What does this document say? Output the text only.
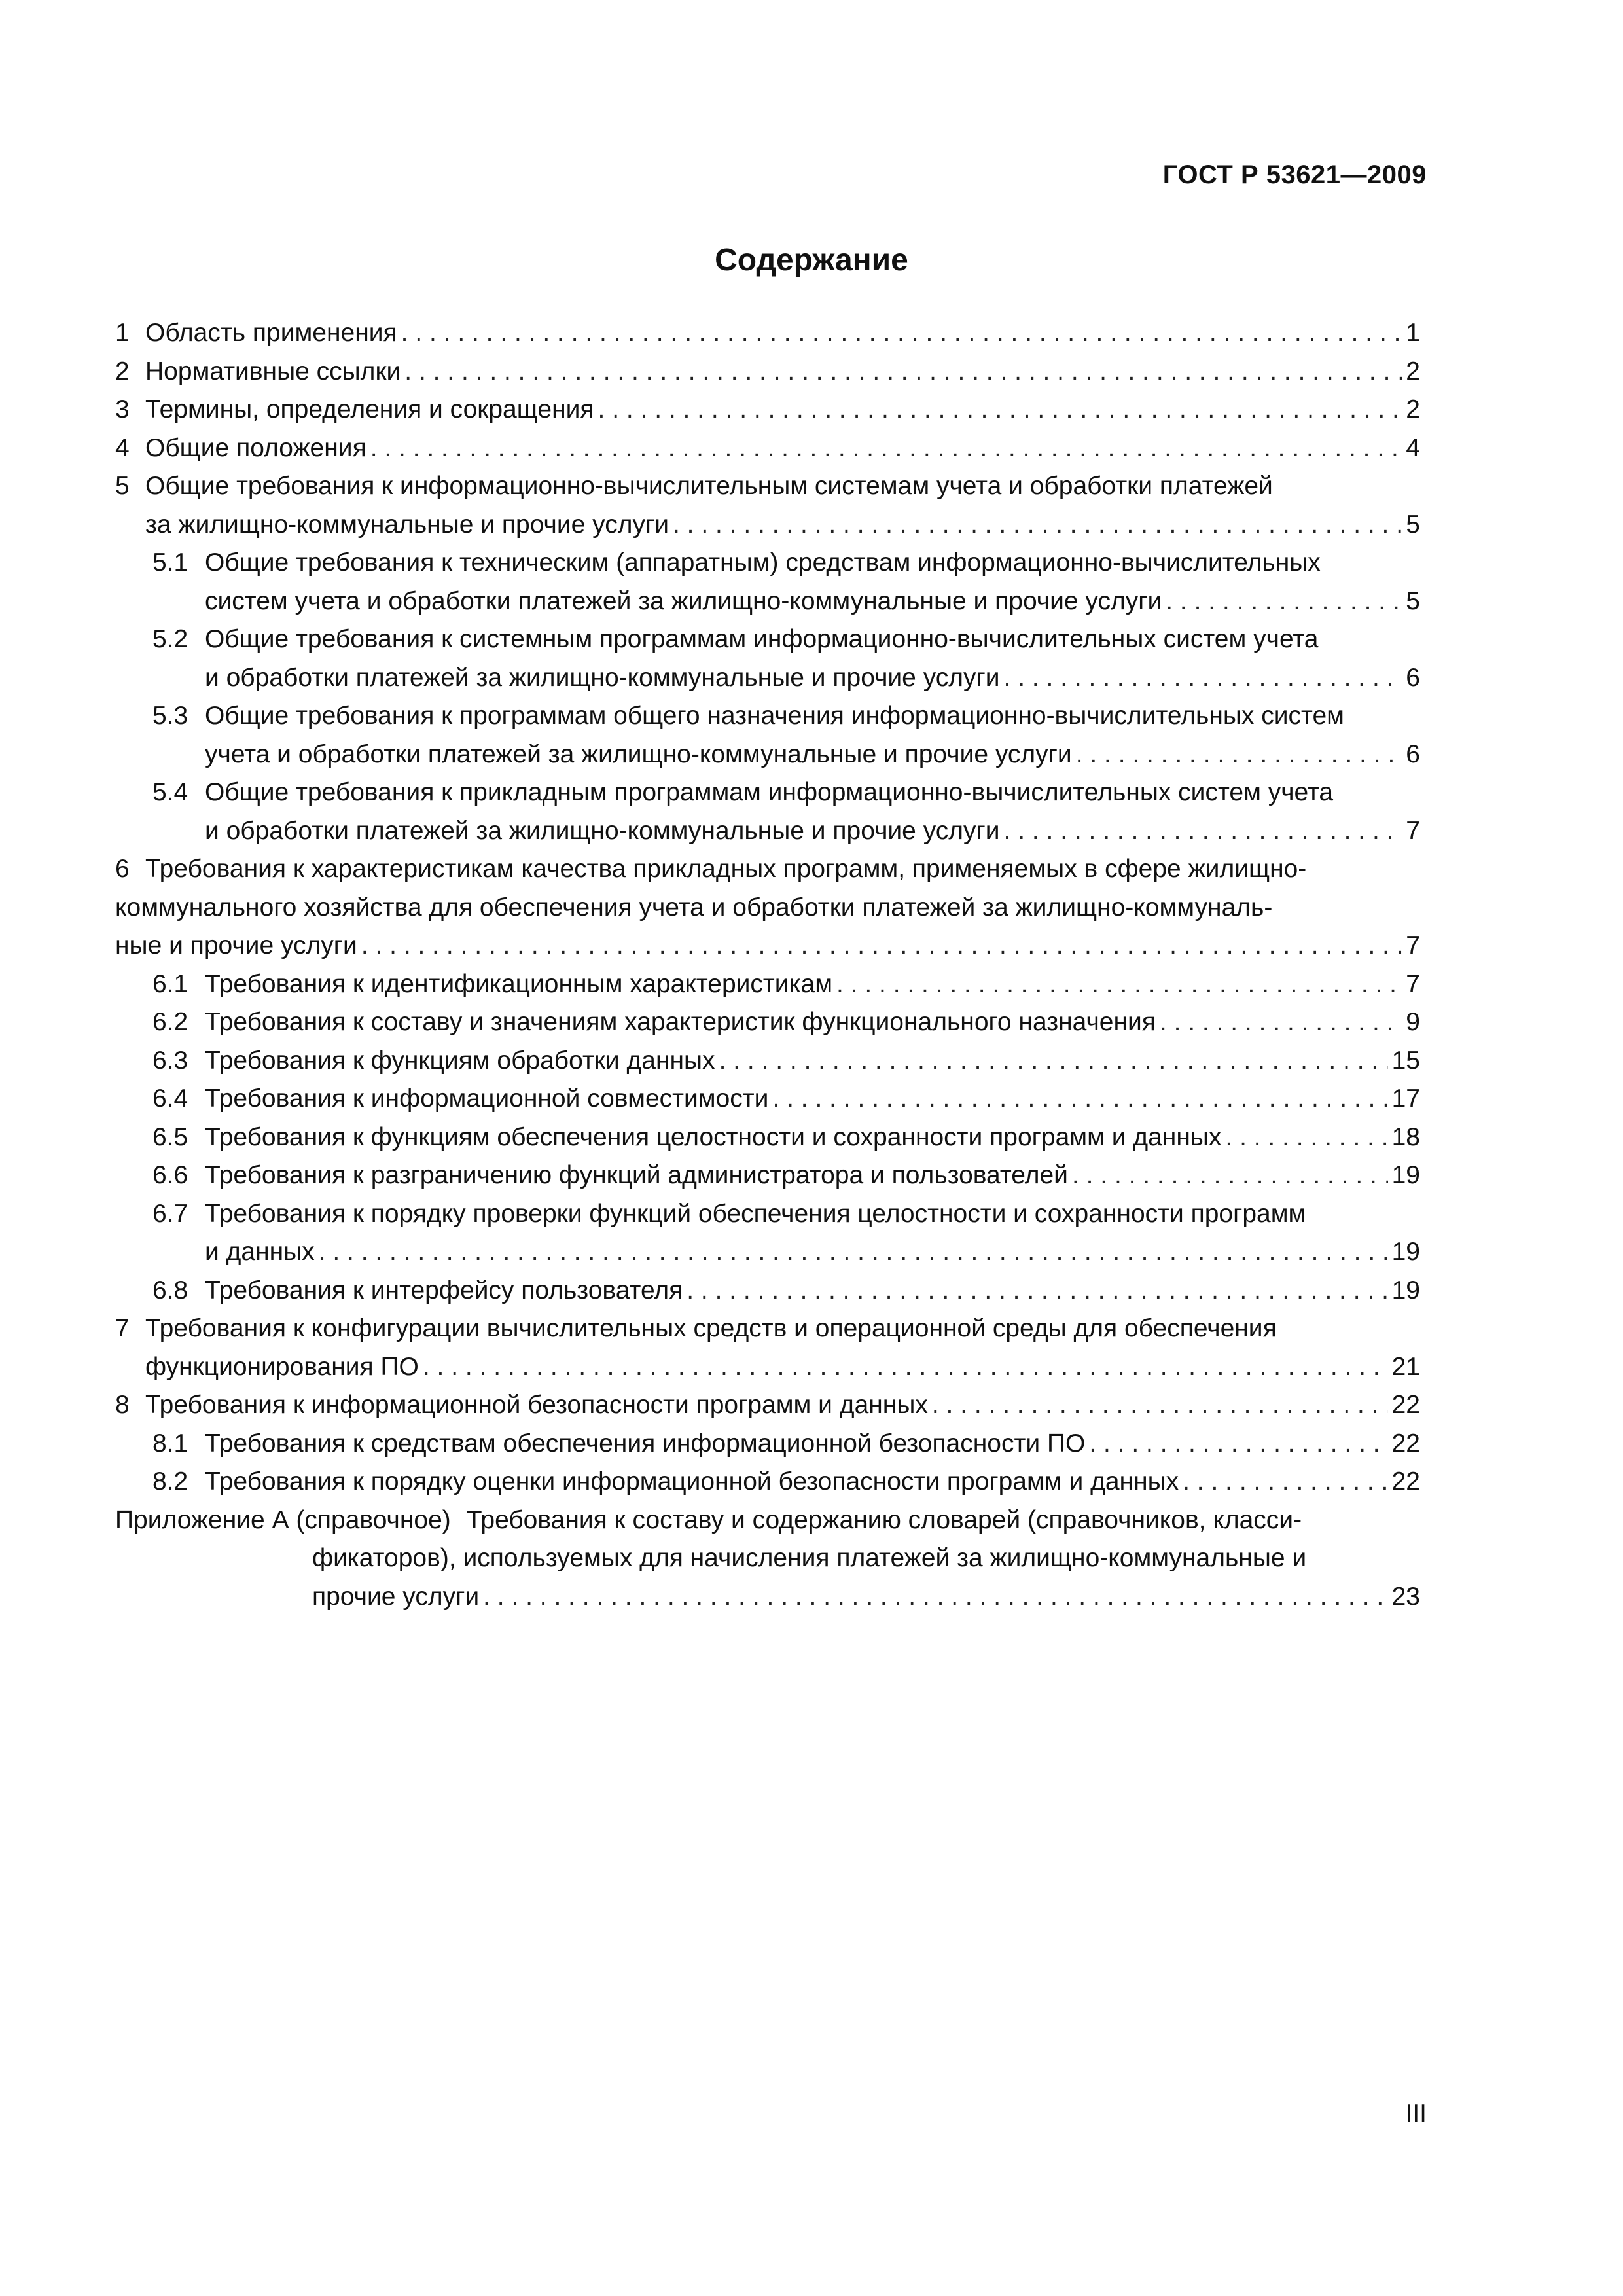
ГОСТ Р 53621—2009
Содержание
1 Область применения . . .	1
2 Нормативные ссылки . . .	2
3 Термины, определения и сокращения . . .	2
4 Общие положения . . .	4
5 Общие требования к информационно-вычислительным системам учета и обработки платежей
за жилищно-коммунальные и прочие услуги . . .	5
5.1 Общие требования к техническим (аппаратным) средствам информационно-вычислительных
систем учета и обработки платежей за жилищно-коммунальные и прочие услуги . . .	5
5.2 Общие требования к системным программам информационно-вычислительных систем учета
и обработки платежей за жилищно-коммунальные и прочие услуги . . .	6
5.3 Общие требования к программам общего назначения информационно-вычислительных систем
учета и обработки платежей за жилищно-коммунальные и прочие услуги . . .	6
5.4 Общие требования к прикладным программам информационно-вычислительных систем учета
и обработки платежей за жилищно-коммунальные и прочие услуги . . .	7
6 Требования к характеристикам качества прикладных программ, применяемых в сфере жилищно-
коммунального хозяйства для обеспечения учета и обработки платежей за жилищно-коммуналь-
ные и прочие услуги . . .	7
6.1 Требования к идентификационным характеристикам . . .	7
6.2 Требования к составу и значениям характеристик функционального назначения . . .	9
6.3 Требования к функциям обработки данных . . .	15
6.4 Требования к информационной совместимости . . .	17
6.5 Требования к функциям обеспечения целостности и сохранности программ и данных . . .	18
6.6 Требования к разграничению функций администратора и пользователей . . .	19
6.7 Требования к порядку проверки функций обеспечения целостности и сохранности программ
и данных . . .	19
6.8 Требования к интерфейсу пользователя . . .	19
7 Требования к конфигурации вычислительных средств и операционной среды для обеспечения
функционирования ПО . . .	21
8 Требования к информационной безопасности программ и данных . . .	22
8.1 Требования к средствам обеспечения информационной безопасности ПО . . .	22
8.2 Требования к порядку оценки информационной безопасности программ и данных . . .	22
Приложение А (справочное) Требования к составу и содержанию словарей (справочников, класси-
фикаторов), используемых для начисления платежей за жилищно-коммунальные и
прочие услуги . . .	23
III
